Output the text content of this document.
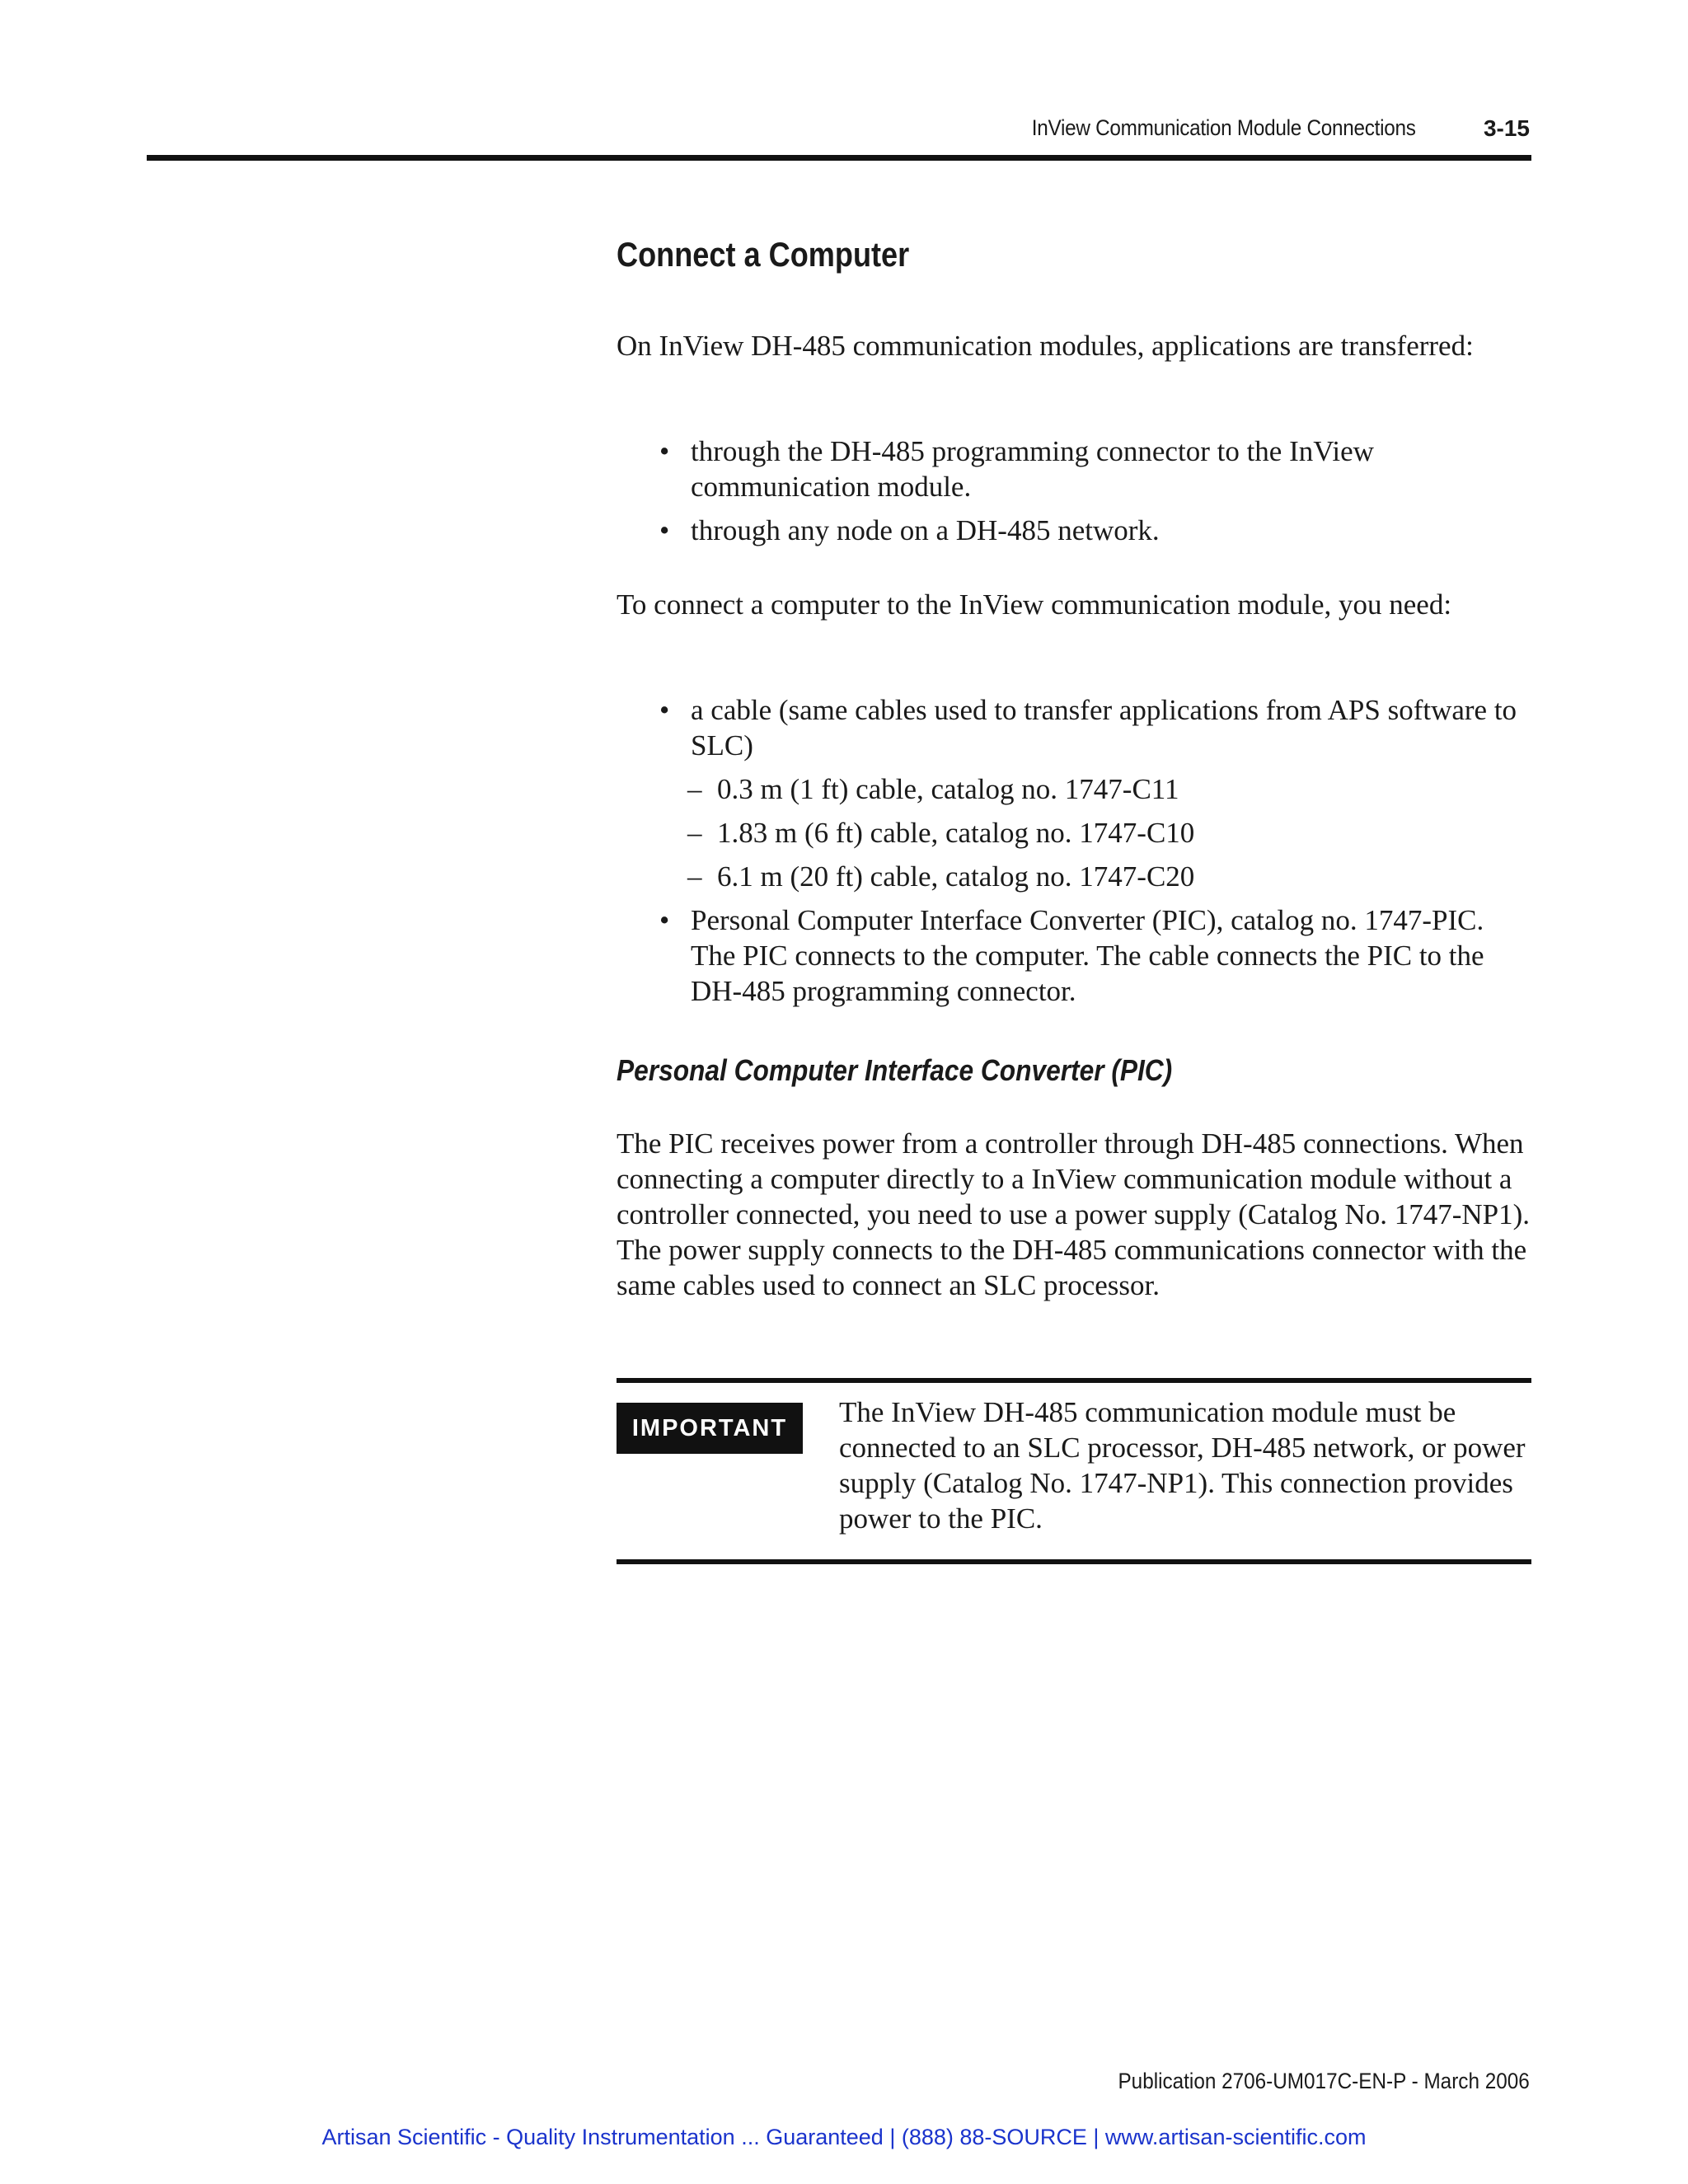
InView Communication Module Connections	3-15
Connect a Computer

On InView DH-485 communication modules, applications are transferred:

• through the DH-485 programming connector to the InView communication module.
• through any node on a DH-485 network.

To connect a computer to the InView communication module, you need:

• a cable (same cables used to transfer applications from APS software to SLC)
– 0.3 m (1 ft) cable, catalog no. 1747-C11
– 1.83 m (6 ft) cable, catalog no. 1747-C10
– 6.1 m (20 ft) cable, catalog no. 1747-C20
• Personal Computer Interface Converter (PIC), catalog no. 1747-PIC. The PIC connects to the computer. The cable connects the PIC to the DH-485 programming connector.
Personal Computer Interface Converter (PIC)

The PIC receives power from a controller through DH-485 connections. When connecting a computer directly to a InView communication module without a controller connected, you need to use a power supply (Catalog No. 1747-NP1). The power supply connects to the DH-485 communications connector with the same cables used to connect an SLC processor.

IMPORTANT	The InView DH-485 communication module must be connected to an SLC processor, DH-485 network, or power supply (Catalog No. 1747-NP1). This connection provides power to the PIC.

Publication 2706-UM017C-EN-P - March 2006
Artisan Scientific - Quality Instrumentation ... Guaranteed | (888) 88-SOURCE | www.artisan-scientific.com
